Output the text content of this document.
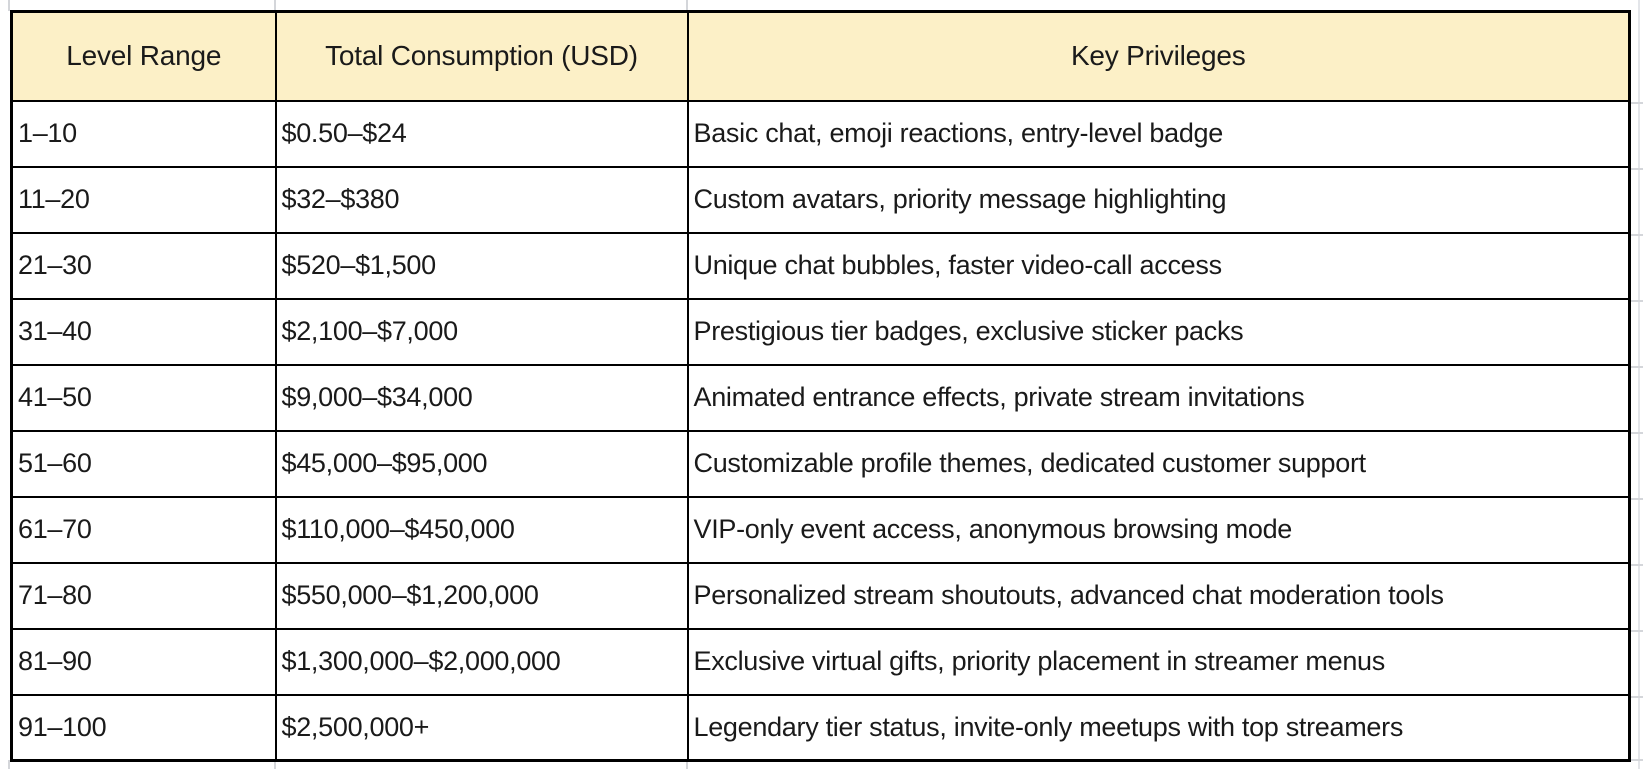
Level Range	Total Consumption (USD)	Key Privileges
1–10	$0.50–$24	Basic chat, emoji reactions, entry-level badge
11–20	$32–$380	Custom avatars, priority message highlighting
21–30	$520–$1,500	Unique chat bubbles, faster video-call access
31–40	$2,100–$7,000	Prestigious tier badges, exclusive sticker packs
41–50	$9,000–$34,000	Animated entrance effects, private stream invitations
51–60	$45,000–$95,000	Customizable profile themes, dedicated customer support
61–70	$110,000–$450,000	VIP-only event access, anonymous browsing mode
71–80	$550,000–$1,200,000	Personalized stream shoutouts, advanced chat moderation tools
81–90	$1,300,000–$2,000,000	Exclusive virtual gifts, priority placement in streamer menus
91–100	$2,500,000+	Legendary tier status, invite-only meetups with top streamers
